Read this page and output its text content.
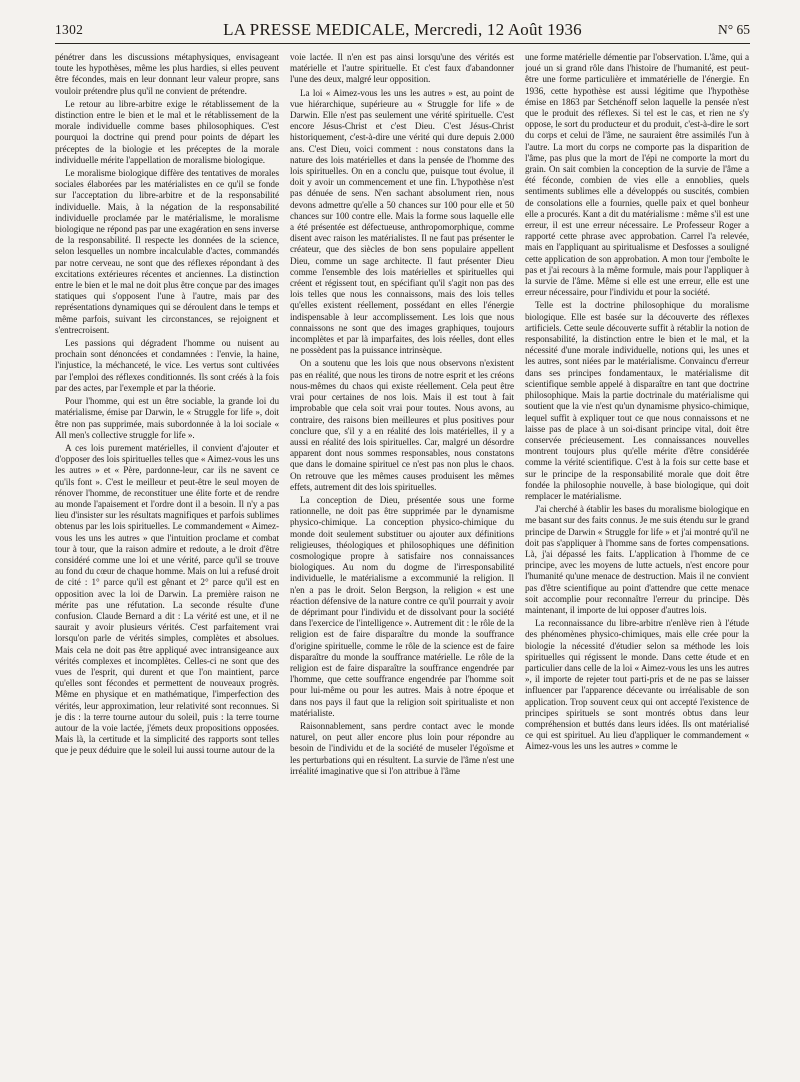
1302	LA PRESSE MEDICALE, Mercredi, 12 Août 1936	N° 65

pénétrer dans les discussions métaphysiques, envisageant toute les hypothèses, même les plus hardies, si elles peuvent être fécondes, mais en leur donnant leur valeur propre, sans vouloir prétendre plus qu'il ne convient de prétendre.

Le retour au libre-arbitre exige le rétablissement de la distinction entre le bien et le mal et le rétablissement de la morale individuelle comme bases philosophiques. C'est pourquoi la doctrine qui prend pour points de départ les préceptes de la biologie et les préceptes de la morale individuelle mérite l'appellation de moralisme biologique.

Le moralisme biologique diffère des tentatives de morales sociales élaborées par les matérialistes en ce qu'il se fonde sur l'acceptation du libre-arbitre et de la responsabilité individuelle. Mais, à la négation de la responsabilité individuelle proclamée par le matérialisme, le moralisme biologique ne répond pas par une exagération en sens inverse de la responsabilité. Il respecte les données de la science, selon lesquelles un nombre incalculable d'actes, commandés par notre cerveau, ne sont que des réflexes répondant à des excitations extérieures récentes et anciennes. La distinction entre le bien et le mal ne doit plus être conçue par des images statiques qui s'opposent l'une à l'autre, mais par des représentations dynamiques qui se déroulent dans le temps et même parfois, suivant les circonstances, se rejoignent et s'entrecroisent.

Les passions qui dégradent l'homme ou nuisent au prochain sont dénoncées et condamnées : l'envie, la haine, l'injustice, la méchanceté, le vice. Les vertus sont cultivées par l'emploi des réflexes conditionnés. Ils sont créés à la fois par des actes, par l'exemple et par la théorie.

Pour l'homme, qui est un être sociable, la grande loi du matérialisme, émise par Darwin, le « Struggle for life », doit être non pas supprimée, mais subordonnée à la loi sociale « All men's collective struggle for life ».

A ces lois purement matérielles, il convient d'ajouter et d'opposer des lois spirituelles telles que « Aimez-vous les uns les autres » et « Père, pardonne-leur, car ils ne savent ce qu'ils font ». C'est le meilleur et peut-être le seul moyen de rénover l'homme, de reconstituer une élite forte et de rendre au monde l'apaisement et l'ordre dont il a besoin. Il n'y a pas lieu d'insister sur les résultats magnifiques et parfois sublimes obtenus par les lois spirituelles. Le commandement « Aimez-vous les uns les autres » que l'intuition proclame et combat tour à tour, que la raison admire et redoute, a le droit d'être considéré comme une loi et une vérité, parce qu'il se trouve au fond du cœur de chaque homme. Mais on lui a refusé droit de cité : 1° parce qu'il est gênant et 2° parce qu'il est en opposition avec la loi de Darwin. La première raison ne mérite pas une réfutation. La seconde résulte d'une confusion. Claude Bernard a dit : La vérité est une, et il ne saurait y avoir plusieurs vérités. C'est parfaitement vrai lorsqu'on parle de vérités simples, complètes et absolues. Mais cela ne doit pas être appliqué avec intransigeance aux vérités complexes et incomplètes. Celles-ci ne sont que des vues de l'esprit, qui durent et que l'on maintient, parce qu'elles sont fécondes et permettent de nouveaux progrès. Même en physique et en mathématique, l'imperfection des vérités, leur approximation, leur relativité sont reconnues. Si je dis : la terre tourne autour du soleil, puis : la terre tourne autour de la voie lactée, j'émets deux propositions opposées. Mais là, la certitude et la simplicité des rapports sont telles que je peux déduire que le soleil lui aussi tourne autour de la

voie lactée. Il n'en est pas ainsi lorsqu'une des vérités est matérielle et l'autre spirituelle. Et c'est faux d'abandonner l'une des deux, malgré leur opposition.

La loi « Aimez-vous les uns les autres » est, au point de vue hiérarchique, supérieure au « Struggle for life » de Darwin. Elle n'est pas seulement une vérité spirituelle. C'est encore Jésus-Christ et c'est Dieu. C'est Jésus-Christ historiquement, c'est-à-dire une vérité qui dure depuis 2.000 ans. C'est Dieu, voici comment : nous constatons dans la nature des lois matérielles et dans la pensée de l'homme des lois spirituelles. On en a conclu que, puisque tout évolue, il doit y avoir un commencement et une fin. L'hypothèse n'est pas dénuée de sens. N'en sachant absolument rien, nous devons admettre qu'elle a 50 chances sur 100 pour elle et 50 chances sur 100 contre elle. Mais la forme sous laquelle elle a été présentée est défectueuse, anthropomorphique, comme disent avec raison les matérialistes. Il ne faut pas présenter le créateur, que des siècles de bon sens populaire appellent Dieu, comme un sage architecte. Il faut présenter Dieu comme l'ensemble des lois matérielles et spirituelles qui créent et régissent tout, en spécifiant qu'il s'agit non pas des lois telles que nous les connaissons, mais des lois telles qu'elles existent réellement, possédant en elles l'énergie indispensable à leur accomplissement. Les lois que nous connaissons ne sont que des images graphiques, toujours incomplètes et par là imparfaites, des lois réelles, dont elles ne possèdent pas la puissance intrinsèque.

On a soutenu que les lois que nous observons n'existent pas en réalité, que nous les tirons de notre esprit et les créons nous-mêmes du chaos qui existe réellement. Cela peut être vrai pour certaines de nos lois. Mais il est tout à fait improbable que cela soit vrai pour toutes. Nous avons, au contraire, des raisons bien meilleures et plus positives pour conclure que, s'il y a en réalité des lois matérielles, il y a aussi en réalité des lois spirituelles. Car, malgré un désordre apparent dont nous sommes responsables, nous constatons que dans le domaine spirituel ce n'est pas non plus le chaos. On retrouve que les mêmes causes produisent les mêmes effets, autrement dit des lois spirituelles.

La conception de Dieu, présentée sous une forme rationnelle, ne doit pas être supprimée par le dynamisme physico-chimique. La conception physico-chimique du monde doit seulement substituer ou ajouter aux définitions religieuses, théologiques et philosophiques une définition cosmologique propre à satisfaire nos connaissances biologiques. Au nom du dogme de l'irresponsabilité individuelle, le matérialisme a excommunié la religion. Il n'en a pas le droit. Selon Bergson, la religion « est une réaction défensive de la nature contre ce qu'il pourrait y avoir de déprimant pour l'individu et de dissolvant pour la société dans l'exercice de l'intelligence ». Autrement dit : le rôle de la religion est de faire disparaître du monde la souffrance d'origine spirituelle, comme le rôle de la science est de faire disparaître du monde la souffrance matérielle. Le rôle de la religion est de faire disparaître la souffrance engendrée par l'homme, que cette souffrance engendrée par l'homme soit pour lui-même ou pour les autres. Mais à notre époque et dans nos pays il faut que la religion soit spiritualiste et non matérialiste.

Raisonnablement, sans perdre contact avec le monde naturel, on peut aller encore plus loin pour répondre au besoin de l'individu et de la société de museler l'égoïsme et les perturbations qui en résultent. La survie de l'âme n'est une irréalité imaginative que si l'on attribue à l'âme

une forme matérielle démentie par l'observation. L'âme, qui a joué un si grand rôle dans l'histoire de l'humanité, est peut-être une forme particulière et immatérielle de l'énergie. En 1936, cette hypothèse est aussi légitime que l'hypothèse émise en 1863 par Setchénoff selon laquelle la pensée n'est que le produit des réflexes. Si tel est le cas, et rien ne s'y oppose, le sort du producteur et du produit, c'est-à-dire le sort du corps et celui de l'âme, ne sauraient être assimilés l'un à l'autre. La mort du corps ne comporte pas la disparition de l'âme, pas plus que la mort de l'épi ne comporte la mort du grain. On sait combien la conception de la survie de l'âme a été féconde, combien de vies elle a ennoblies, quels sentiments sublimes elle a développés ou suscités, combien de consolations elle a fournies, quelle paix et quel bonheur elle a procurés. Kant a dit du matérialisme : même s'il est une erreur, il est une erreur nécessaire. Le Professeur Roger a rapporté cette phrase avec approbation. Carrel l'a relevée, mais en l'appliquant au spiritualisme et Desfosses a souligné cette application de son approbation. A mon tour j'emboîte le pas et j'ai recours à la même formule, mais pour l'appliquer à la survie de l'âme. Même si elle est une erreur, elle est une erreur nécessaire, pour l'individu et pour la société.

Telle est la doctrine philosophique du moralisme biologique. Elle est basée sur la découverte des réflexes artificiels. Cette seule découverte suffit à rétablir la notion de responsabilité, la distinction entre le bien et le mal, et la nécessité d'une morale individuelle, notions qui, les unes et les autres, sont niées par le matérialisme. Convaincu d'erreur dans ses principes fondamentaux, le matérialisme dit scientifique semble appelé à disparaître en tant que doctrine philosophique. Mais la partie doctrinale du matérialisme qui soutient que la vie n'est qu'un dynamisme physico-chimique, lequel suffit à expliquer tout ce que nous connaissons et ne laisse pas de place à un soi-disant principe vital, doit être conservée précieusement. Les connaissances nouvelles montrent toujours plus qu'elle mérite d'être considérée comme la vérité scientifique. C'est à la fois sur cette base et sur le principe de la responsabilité morale que doit être fondée la philosophie nouvelle, à base biologique, qui doit remplacer le matérialisme.

J'ai cherché à établir les bases du moralisme biologique en me basant sur des faits connus. Je me suis étendu sur le grand principe de Darwin « Struggle for life » et j'ai montré qu'il ne doit pas s'appliquer à l'homme sans de fortes compensations. Là, j'ai dépassé les faits. L'application à l'homme de ce principe, avec les moyens de lutte actuels, n'est encore pour l'humanité qu'une menace de destruction. Mais il ne convient pas d'être scientifique au point d'attendre que cette menace soit accomplie pour reconnaître l'erreur du principe. Dès maintenant, il importe de lui opposer d'autres lois.

La reconnaissance du libre-arbitre n'enlève rien à l'étude des phénomènes physico-chimiques, mais elle crée pour la biologie la nécessité d'étudier selon sa méthode les lois spirituelles qui régissent le monde. Dans cette étude et en particulier dans celle de la loi « Aimez-vous les uns les autres », il importe de rejeter tout parti-pris et de ne pas se laisser influencer par l'apparence décevante ou irréalisable de son application. Trop souvent ceux qui ont accepté l'existence de principes spirituels se sont montrés obtus dans leur compréhension et buttés dans leurs idées. Ils ont matérialisé ce qui est spirituel. Au lieu d'appliquer le commandement « Aimez-vous les uns les autres » comme le
